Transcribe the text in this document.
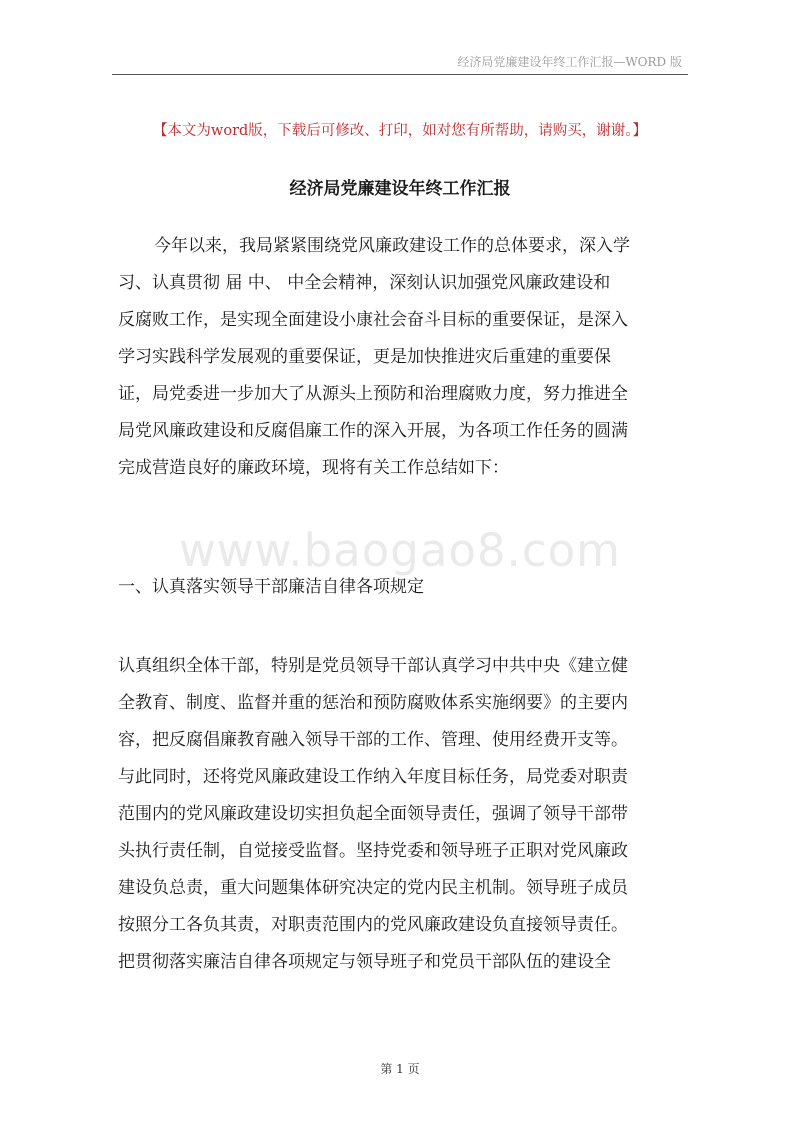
经济局党廉建设年终工作汇报—WORD 版
【本文为word版，下载后可修改、打印，如对您有所帮助，请购买，谢谢。】
经济局党廉建设年终工作汇报
今年以来，我局紧紧围绕党风廉政建设工作的总体要求，深入学
习、认真贯彻 届 中、 中全会精神，深刻认识加强党风廉政建设和
反腐败工作，是实现全面建设小康社会奋斗目标的重要保证，是深入
学习实践科学发展观的重要保证，更是加快推进灾后重建的重要保
证，局党委进一步加大了从源头上预防和治理腐败力度，努力推进全
局党风廉政建设和反腐倡廉工作的深入开展，为各项工作任务的圆满
完成营造良好的廉政环境，现将有关工作总结如下：
www.baogao8.com
一、认真落实领导干部廉洁自律各项规定
认真组织全体干部，特别是党员领导干部认真学习中共中央《建立健
全教育、制度、监督并重的惩治和预防腐败体系实施纲要》的主要内
容，把反腐倡廉教育融入领导干部的工作、管理、使用经费开支等。
与此同时，还将党风廉政建设工作纳入年度目标任务，局党委对职责
范围内的党风廉政建设切实担负起全面领导责任，强调了领导干部带
头执行责任制，自觉接受监督。坚持党委和领导班子正职对党风廉政
建设负总责，重大问题集体研究决定的党内民主机制。领导班子成员
按照分工各负其责，对职责范围内的党风廉政建设负直接领导责任。
把贯彻落实廉洁自律各项规定与领导班子和党员干部队伍的建设全
第 1 页
